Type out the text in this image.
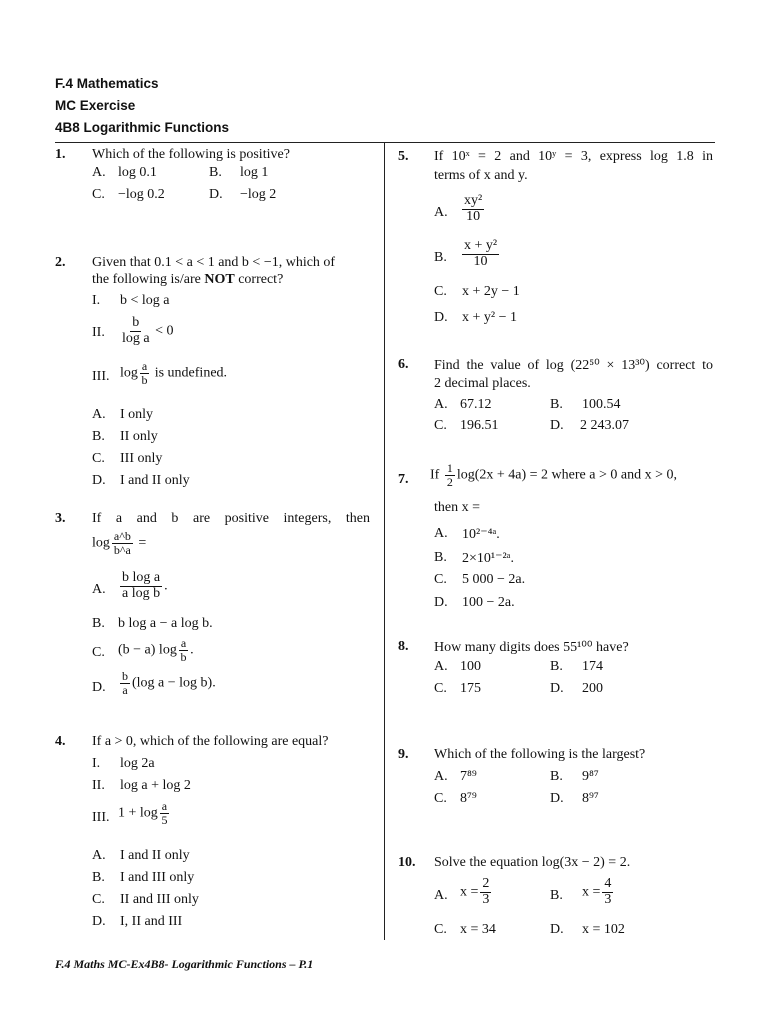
F.4 Mathematics
MC Exercise
4B8 Logarithmic Functions
1. Which of the following is positive?
A. log 0.1	B. log 1
C. −log 0.2	D. −log 2
2. Given that 0.1 < a < 1 and b < −1, which of
the following is/are NOT correct?
I. b < log a
II. $\frac{b}{\text{log a}} < 0$
III. $\log \frac{a}{b}$ is undefined.
A. I only
B. II only
C. III only
D. I and II only
3. If a and b are positive integers, then
$\log \frac{a\^{}b}{b\^{}a}$ =
A. $\frac{\text{b log a}}{\text{a log b}}$ .
B. b log a − a log b.
C. (b − a) $\log \frac{a}{b}$ .
D. $\frac{b}{a} (\log$ a − log b).
4. If a > 0, which of the following are equal?
I. log 2a
II. log a + log 2
III. $1 + \log \frac{a}{5}$
A. I and II only
B. I and III only
C. II and III only
D. I, II and III
5. If 10ˣ = 2 and 10ʸ = 3, express log 1.8 in
terms of x and y.
A. $\frac{\text{xy²}}{10}$
B. $\frac{\text{x + y²}}{10}$
C. x + 2y − 1
D. x + y² − 1
6. Find the value of log (22⁵⁰ × 13³⁰) correct to
2 decimal places.
A. 67.12	B. 100.54
C. 196.51	D. 2 243.07
7. If $\frac{1}{2} \log(2x + 4a) = 2$ where a > 0 and x > 0,
then x =
A. 10²⁻⁴ᵃ.
B. 2×10¹⁻²ᵃ.
C. 5 000 − 2a.
D. 100 − 2a.
8. How many digits does 55¹⁰⁰ have?
A. 100	B. 174
C. 175	D. 200
9. Which of the following is the largest?
A. 7⁸⁹	B. 9⁸⁷
C. 8⁷⁹	D. 8⁹⁷
10. Solve the equation log(3x − 2) = 2.
A. $x = \frac{2}{3}$	B. $x = \frac{4}{3}$
C. x = 34	D. x = 102
F.4 Maths MC-Ex4B8- Logarithmic Functions – P.1
